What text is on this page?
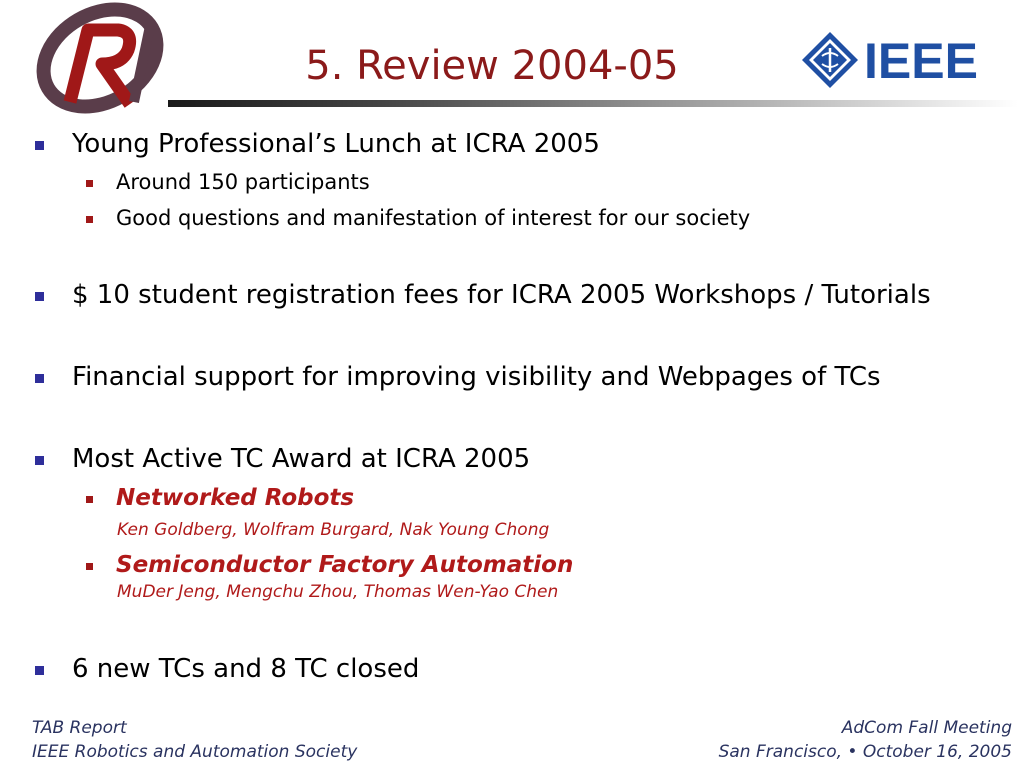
5. Review 2004-05	IEEE
Young Professional’s Lunch at ICRA 2005
Around 150 participants
Good questions and manifestation of interest for our society
$ 10 student registration fees for ICRA 2005 Workshops / Tutorials
Financial support for improving visibility and Webpages of TCs
Most Active TC Award at ICRA 2005
Networked Robots
Ken Goldberg, Wolfram Burgard, Nak Young Chong
Semiconductor Factory Automation
MuDer Jeng, Mengchu Zhou, Thomas Wen-Yao Chen
6 new TCs and 8 TC closed
TAB Report
IEEE Robotics and Automation Society
AdCom Fall Meeting
San Francisco, • October 16, 2005
